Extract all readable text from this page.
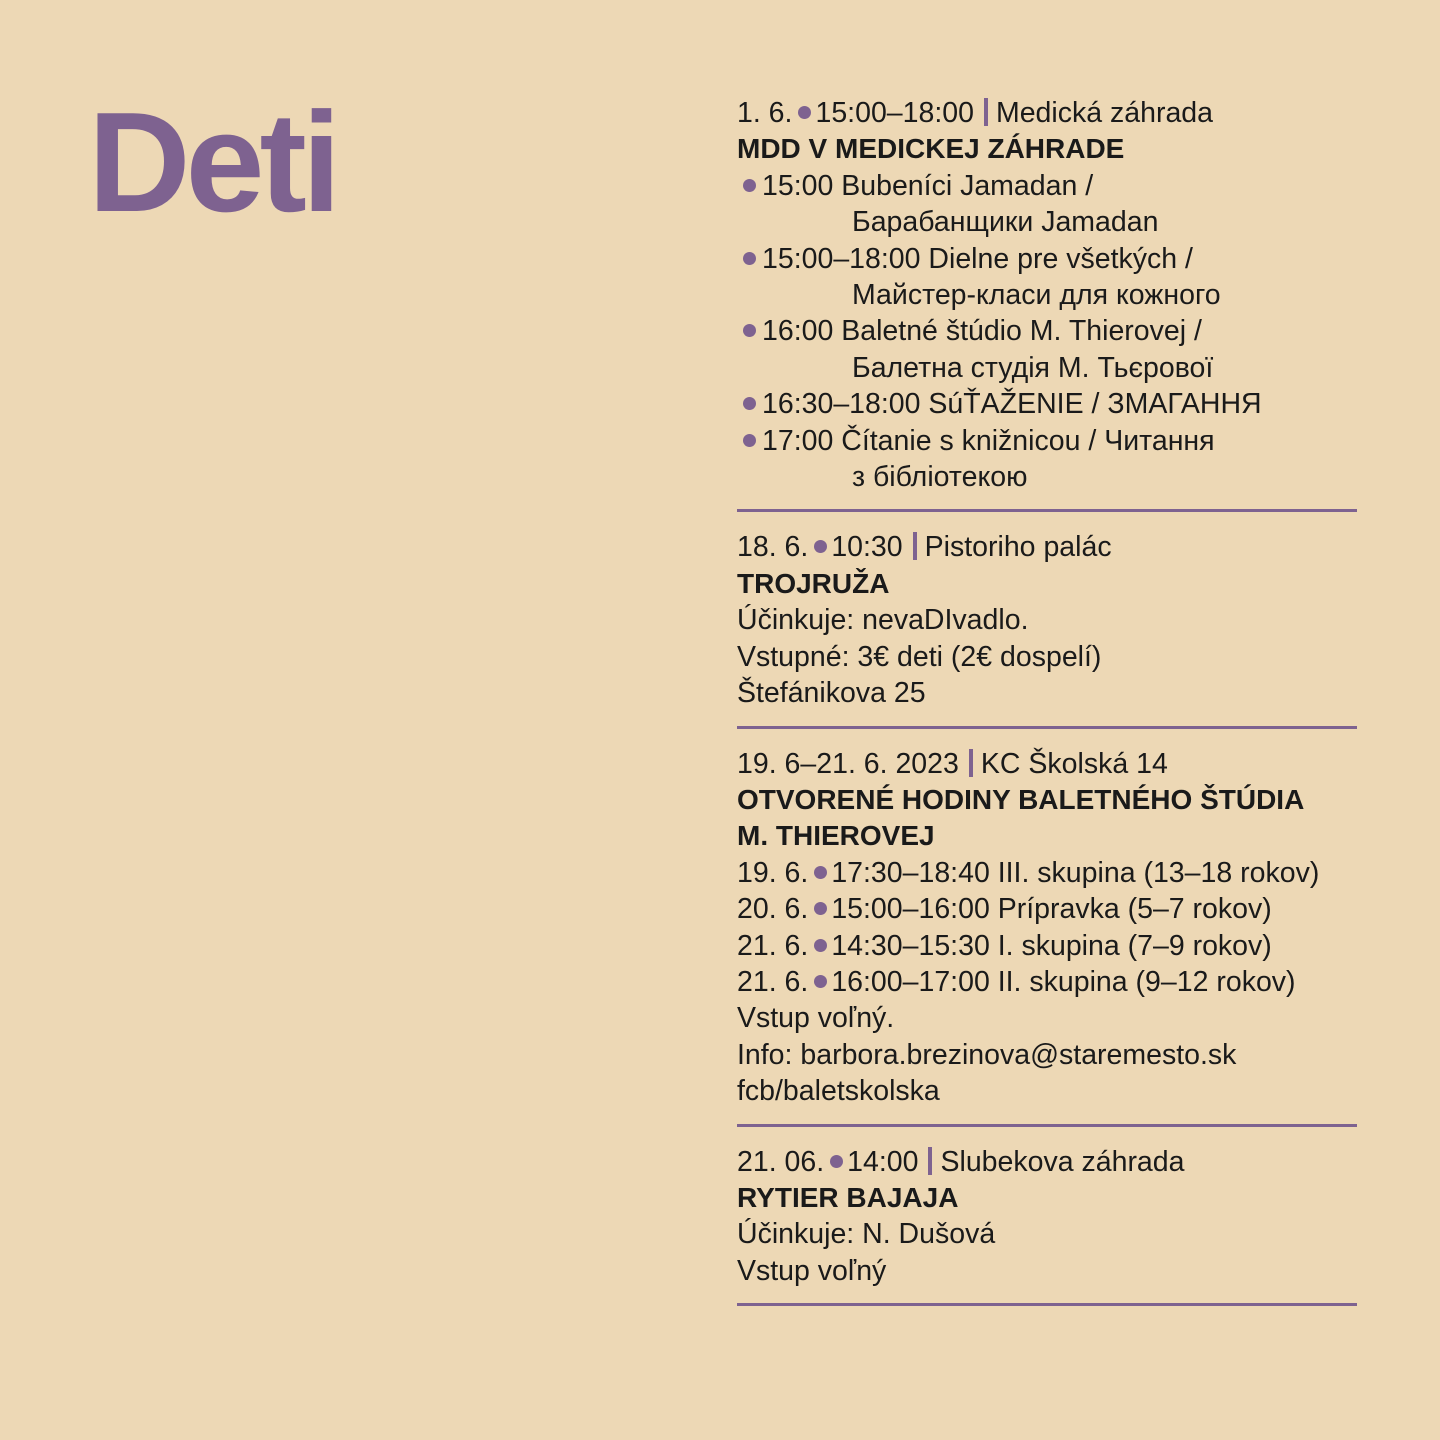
Deti	1. 6. 15:00–18:00 Medická záhrada
MDD V MEDICKEJ ZÁHRADE
15:00 Bubeníci Jamadan /
Барабанщики Jamadan
15:00–18:00 Dielne pre všetkých /
Майстер-класи для кожного
16:00 Baletné štúdio M. Thierovej /
Балетна студія М. Тьєрової
16:30–18:00 SúŤAŽENIE / ЗМАГАННЯ
17:00 Čítanie s knižnicou / Читання
з бібліотекою
18. 6. 10:30 Pistoriho palác
TROJRUŽA
Účinkuje: nevaDIvadlo.
Vstupné: 3€ deti (2€ dospelí)
Štefánikova 25
19. 6–21. 6. 2023 KC Školská 14
OTVORENÉ HODINY BALETNÉHO ŠTÚDIA
M. THIEROVEJ
19. 6. 17:30–18:40 III. skupina (13–18 rokov)
20. 6. 15:00–16:00 Prípravka (5–7 rokov)
21. 6. 14:30–15:30 I. skupina (7–9 rokov)
21. 6. 16:00–17:00 II. skupina (9–12 rokov)
Vstup voľný.
Info: barbora.brezinova@staremesto.sk
fcb/baletskolska
21. 06. 14:00 Slubekova záhrada
RYTIER BAJAJA
Účinkuje: N. Dušová
Vstup voľný
